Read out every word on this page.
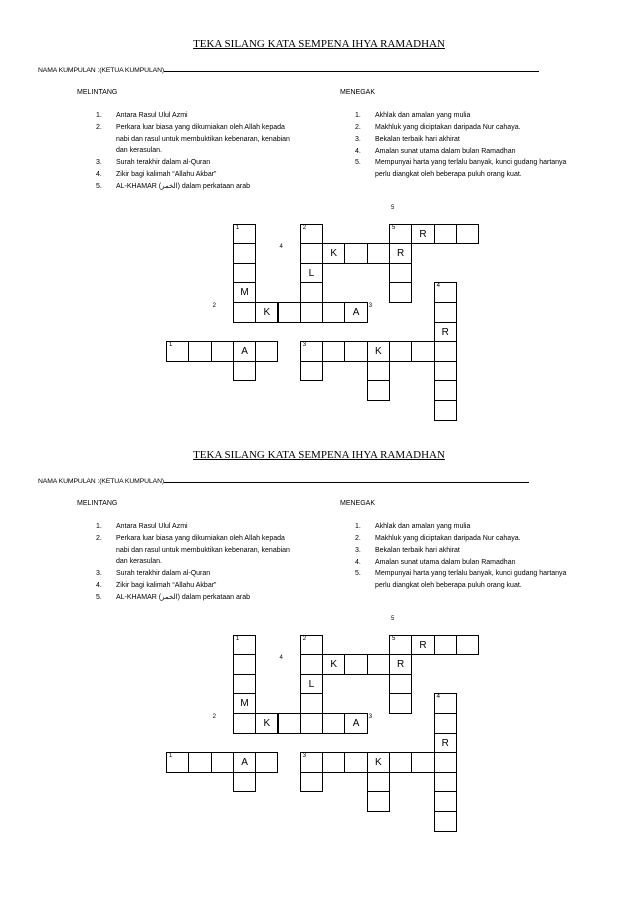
TEKA SILANG KATA SEMPENA IHYA RAMADHAN
NAMA KUMPULAN :(KETUA KUMPULAN)
MELINTANG	MENEGAK
1. Antara Rasul Ulul Azmi
2. Perkara luar biasa yang dikurniakan oleh Allah kepada nabi dan rasul untuk membuktikan kebenaran, kenabian dan kerasulan.
3. Surah terakhir dalam al-Quran
4. Zikir bagi kalimah “Allahu Akbar”
5. AL-KHAMAR (الخمر) dalam perkataan arab
1. Akhlak dan amalan yang mulia
2. Makhluk yang diciptakan daripada Nur cahaya.
3. Bekalan terbaik hari akhirat
4. Amalan sunat utama dalam bulan Ramadhan
5. Mempunyai harta yang terlalu banyak, kunci gudang hartanya perlu diangkat oleh beberapa puluh orang kuat.
5
1	2	5
R
4
K	R
L
M
4
2
K	A
3
R
1
A
3
K
TEKA SILANG KATA SEMPENA IHYA RAMADHAN
NAMA KUMPULAN :(KETUA KUMPULAN)
MELINTANG	MENEGAK
1. Antara Rasul Ulul Azmi
2. Perkara luar biasa yang dikurniakan oleh Allah kepada nabi dan rasul untuk membuktikan kebenaran, kenabian dan kerasulan.
3. Surah terakhir dalam al-Quran
4. Zikir bagi kalimah “Allahu Akbar”
5. AL-KHAMAR (الخمر) dalam perkataan arab
1. Akhlak dan amalan yang mulia
2. Makhluk yang diciptakan daripada Nur cahaya.
3. Bekalan terbaik hari akhirat
4. Amalan sunat utama dalam bulan Ramadhan
5. Mempunyai harta yang terlalu banyak, kunci gudang hartanya perlu diangkat oleh beberapa puluh orang kuat.
5
1	2	5
R
4
K	R
L
M
4
2
K	A
3
R
1
A
3
K
